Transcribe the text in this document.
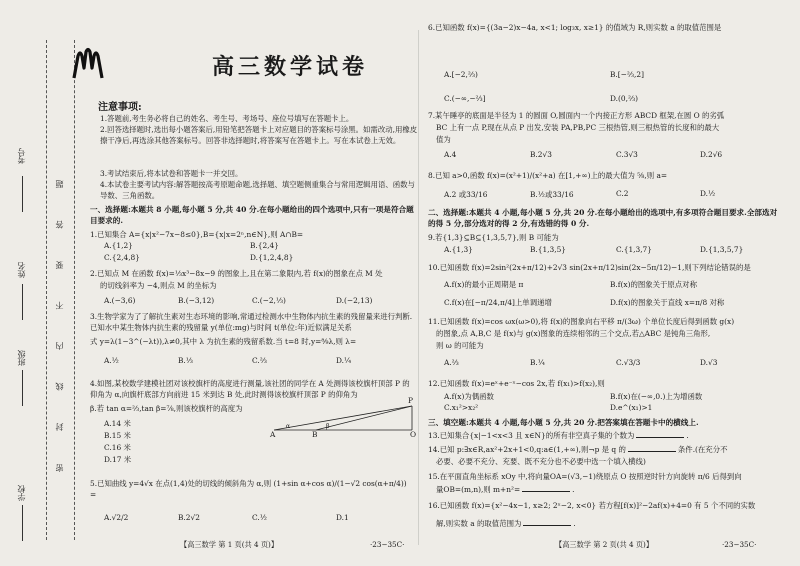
考号
姓名
班级
学校
密 封 线 内 不 要 答 题
高三数学试卷
注意事项:
1.答题前,考生务必将自己的姓名、考生号、考场号、座位号填写在答题卡上。
2.回答选择题时,选出每小题答案后,用铅笔把答题卡上对应题目的答案标号涂黑。如需改动,用橡皮擦干净后,再选涂其他答案标号。回答非选择题时,将答案写在答题卡上。写在本试卷上无效。
3.考试结束后,将本试卷和答题卡一并交回。
4.本试卷主要考试内容:解答题按高考原题命题,选择题、填空题侧重集合与常用逻辑用语、函数与导数、三角函数。
一、选择题:本题共 8 小题,每小题 5 分,共 40 分.在每小题给出的四个选项中,只有一项是符合题目要求的.
1.已知集合 A={x|x²−7x−8≤0},B={x|x=2ⁿ,n∈N},则 A∩B=
A.{1,2}	B.{2,4}
C.{2,4,8}	D.{1,2,4,8}
2.已知点 M 在函数 f(x)=⅓x³−8x−9 的图象上,且在第二象限内,若 f(x)的图象在点 M 处
的切线斜率为 −4,则点 M 的坐标为
A.(−3,6)	B.(−3,12)	C.(−2,⅓)	D.(−2,13)
3.生物学家为了了解抗生素对生态环境的影响,常通过检测水中生物体内抗生素的残留量来进行判断.已知水中某生物体内抗生素的残留量 y(单位:mg)与时间 t(单位:年)近似满足关系
式 y=λ(1−3^(−λt)),λ≠0,其中 λ 为抗生素的残留系数.当 t=8 时,y=⁸⁄₉λ,则 λ=
A.½	B.⅓	C.⅔	D.¼
4.如图,某校数学建模社团对该校旗杆的高度进行测量,该社团的同学在 A 处测得该校旗杆顶部 P 的仰角为 α,向旗杆底部方向前进 15 米到达 B 处,此时测得该校旗杆顶部 P 的仰角为
β.若 tan α=⅔,tan β=⅞,则该校旗杆的高度为
A.14 米
B.15 米
C.16 米
D.17 米
P
A	B	O
α	β
5.已知曲线 y=4√x 在点(1,4)处的切线的倾斜角为 α,则 (1+sin α+cos α)/(1−√2 cos(α+π/4)) =
A.√2/2	B.2√2	C.½	D.1
【高三数学 第 1 页(共 4 页)】	·23−35C·
6.已知函数 f(x)={(3a−2)x−4a, x<1; log₃x, x≥1} 的值域为 R,则实数 a 的取值范围是
A.[−2,⅔)	B.[−⅔,2]
C.(−∞,−⅔]	D.(0,⅔)
7.某午睡亭的底面是半径为 1 的圆面 O,圆面内一个内接正方形 ABCD 框架,在圆 O 的劣弧
BC 上有一点 P,现在从点 P 出发,安装 PA,PB,PC 三根热管,则三根热管的长度和的最大
值为
A.4	B.2√3	C.3√3	D.2√6
8.已知 a>0,函数 f(x)=(x²+1)/(x²+a) 在[1,+∞)上的最大值为 ⁵⁄₈,则 a=
A.2 或33/16	B.½或33/16	C.2	D.½
二、选择题:本题共 4 小题,每小题 5 分,共 20 分.在每小题给出的选项中,有多项符合题目要求.全部选对的得 5 分,部分选对的得 2 分,有选错的得 0 分.
9.若{1,3}⊆B⊆{1,3,5,7},则 B 可能为
A.{1,3}	B.{1,3,5}	C.{1,3,7}	D.{1,3,5,7}
10.已知函数 f(x)=2sin²(2x+π/12)+2√3 sin(2x+π/12)sin(2x−5π/12)−1,则下列结论错误的是
A.f(x)的最小正周期是 π	B.f(x)的图象关于原点对称
C.f(x)在[−π/24,π/4]上单调递增	D.f(x)的图象关于直线 x=π/8 对称
11.已知函数 f(x)=cos ωx(ω>0),将 f(x)的图象向右平移 π/(3ω) 个单位长度后得到函数 g(x)
的图象,点 A,B,C 是 f(x)与 g(x)图象的连续相邻的三个交点,若△ABC 是钝角三角形,
则 ω 的可能为
A.⅔	B.¼	C.√3/3	D.√3
12.已知函数 f(x)=eˣ+e⁻ˣ−cos 2x,若 f(x₁)>f(x₂),则
A.f(x)为偶函数	B.f(x)在(−∞,0.)上为增函数
C.x₁²>x₂²	D.e^(x₁)>1
三、填空题:本题共 4 小题,每小题 5 分,共 20 分.把答案填在答题卡中的横线上.
13.已知集合{x|−1<x<3 且 x∈N}的所有非空真子集的个数为	.
14.已知 p:∃x∈R,ax²+2x+1<0,q:a∈(1,+∞),则¬p 是 q 的	条件.(在充分不
必要、必要不充分、充要、既不充分也不必要中选一个填入横线)
15.在平面直角坐标系 xOy 中,将向量OA=(√3,−1)绕原点 O 按照逆时针方向旋转 π/6 后得到向
量OB=(m,n),则 m+n²=	.
16.已知函数 f(x)={x²−4x−1, x≥2; 2ˣ−2, x<0} 若方程[f(x)]²−2af(x)+4=0 有 5 个不同的实数
解,则实数 a 的取值范围为	.
【高三数学 第 2 页(共 4 页)】	·23−35C·
